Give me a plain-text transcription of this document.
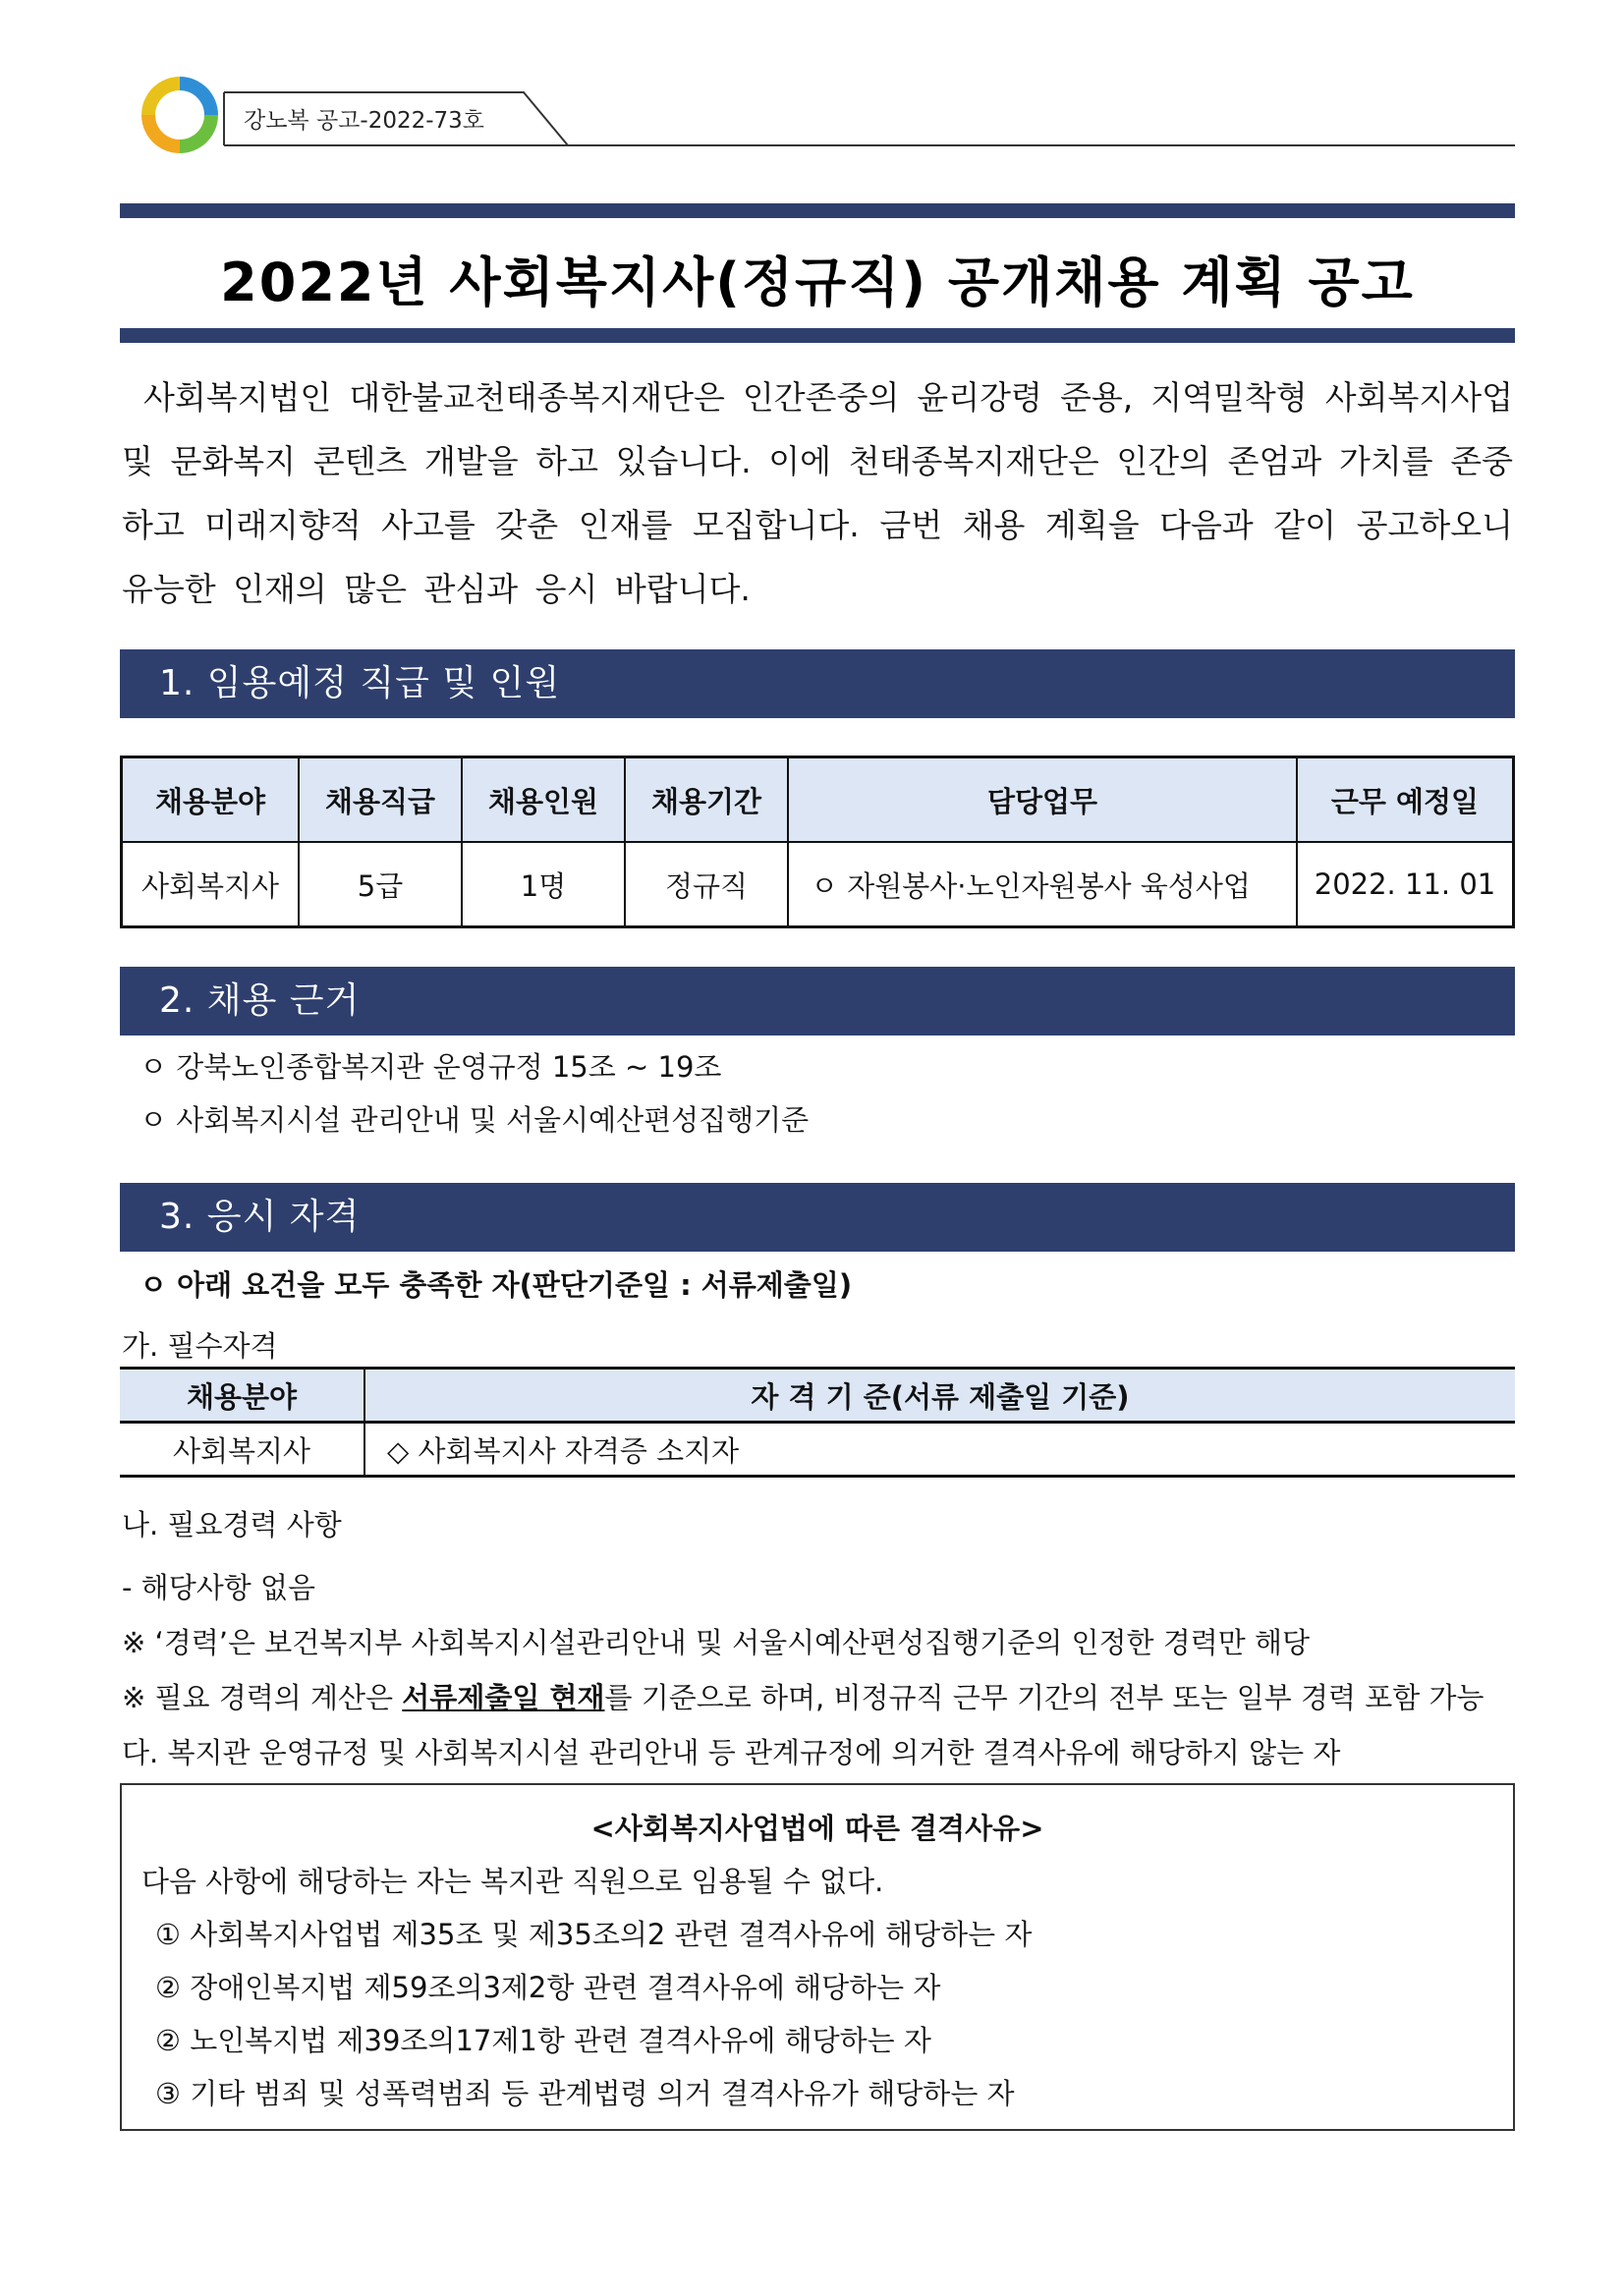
강노복 공고-2022-73호
2022년 사회복지사(정규직) 공개채용 계획 공고

사회복지법인 대한불교천태종복지재단은 인간존중의 윤리강령 준용, 지역밀착형 사회복지사업 및 문화복지 콘텐츠 개발을 하고 있습니다. 이에 천태종복지재단은 인간의 존엄과 가치를 존중하고 미래지향적 사고를 갖춘 인재를 모집합니다. 금번 채용 계획을 다음과 같이 공고하오니 유능한 인재의 많은 관심과 응시 바랍니다.

1. 임용예정 직급 및 인원
채용분야	채용직급	채용인원	채용기간	담당업무	근무 예정일
사회복지사	5급	1명	정규직	ㅇ 자원봉사·노인자원봉사 육성사업	2022. 11. 01
2. 채용 근거
ㅇ 강북노인종합복지관 운영규정 15조 ~ 19조
ㅇ 사회복지시설 관리안내 및 서울시예산편성집행기준
3. 응시 자격
ㅇ 아래 요건을 모두 충족한 자(판단기준일 : 서류제출일)
가. 필수자격
채용분야	자 격 기 준(서류 제출일 기준)
사회복지사	◇ 사회복지사 자격증 소지자
나. 필요경력 사항
- 해당사항 없음
※ ‘경력’은 보건복지부 사회복지시설관리안내 및 서울시예산편성집행기준의 인정한 경력만 해당
※ 필요 경력의 계산은 서류제출일 현재를 기준으로 하며, 비정규직 근무 기간의 전부 또는 일부 경력 포함 가능
다. 복지관 운영규정 및 사회복지시설 관리안내 등 관계규정에 의거한 결격사유에 해당하지 않는 자
<사회복지사업법에 따른 결격사유>
다음 사항에 해당하는 자는 복지관 직원으로 임용될 수 없다.
① 사회복지사업법 제35조 및 제35조의2 관련 결격사유에 해당하는 자
② 장애인복지법 제59조의3제2항 관련 결격사유에 해당하는 자
② 노인복지법 제39조의17제1항 관련 결격사유에 해당하는 자
③ 기타 범죄 및 성폭력범죄 등 관계법령 의거 결격사유가 해당하는 자
